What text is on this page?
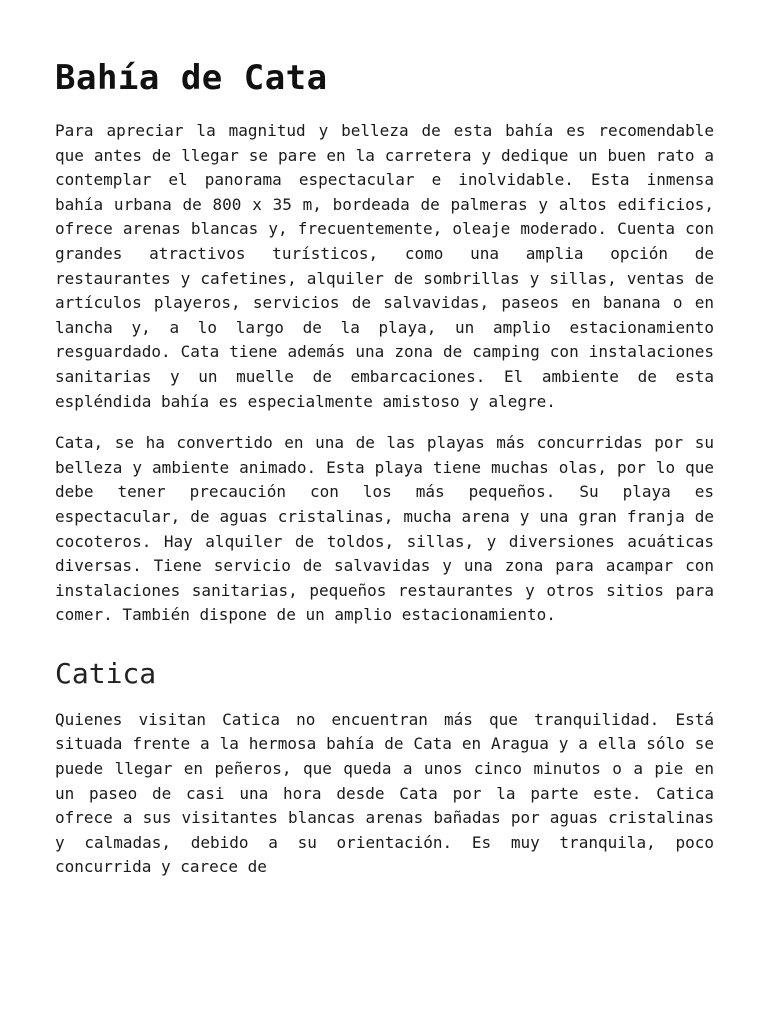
Bahía de Cata

Para apreciar la magnitud y belleza de esta bahía es recomendable que antes de llegar se pare en la carretera y dedique un buen rato a contemplar el panorama espectacular e inolvidable. Esta inmensa bahía urbana de 800 x 35 m, bordeada de palmeras y altos edificios, ofrece arenas blancas y, frecuentemente, oleaje moderado. Cuenta con grandes atractivos turísticos, como una amplia opción de restaurantes y cafetines, alquiler de sombrillas y sillas, ventas de artículos playeros, servicios de salvavidas, paseos en banana o en lancha y, a lo largo de la playa, un amplio estacionamiento resguardado. Cata tiene además una zona de camping con instalaciones sanitarias y un muelle de embarcaciones. El ambiente de esta espléndida bahía es especialmente amistoso y alegre.

Cata, se ha convertido en una de las playas más concurridas por su belleza y ambiente animado. Esta playa tiene muchas olas, por lo que debe tener precaución con los más pequeños. Su playa es espectacular, de aguas cristalinas, mucha arena y una gran franja de cocoteros. Hay alquiler de toldos, sillas, y diversiones acuáticas diversas. Tiene servicio de salvavidas y una zona para acampar con instalaciones sanitarias, pequeños restaurantes y otros sitios para comer. También dispone de un amplio estacionamiento.

Catica

Quienes visitan Catica no encuentran más que tranquilidad. Está situada frente a la hermosa bahía de Cata en Aragua y a ella sólo se puede llegar en peñeros, que queda a unos cinco minutos o a pie en un paseo de casi una hora desde Cata por la parte este. Catica ofrece a sus visitantes blancas arenas bañadas por aguas cristalinas y calmadas, debido a su orientación. Es muy tranquila, poco concurrida y carece de
